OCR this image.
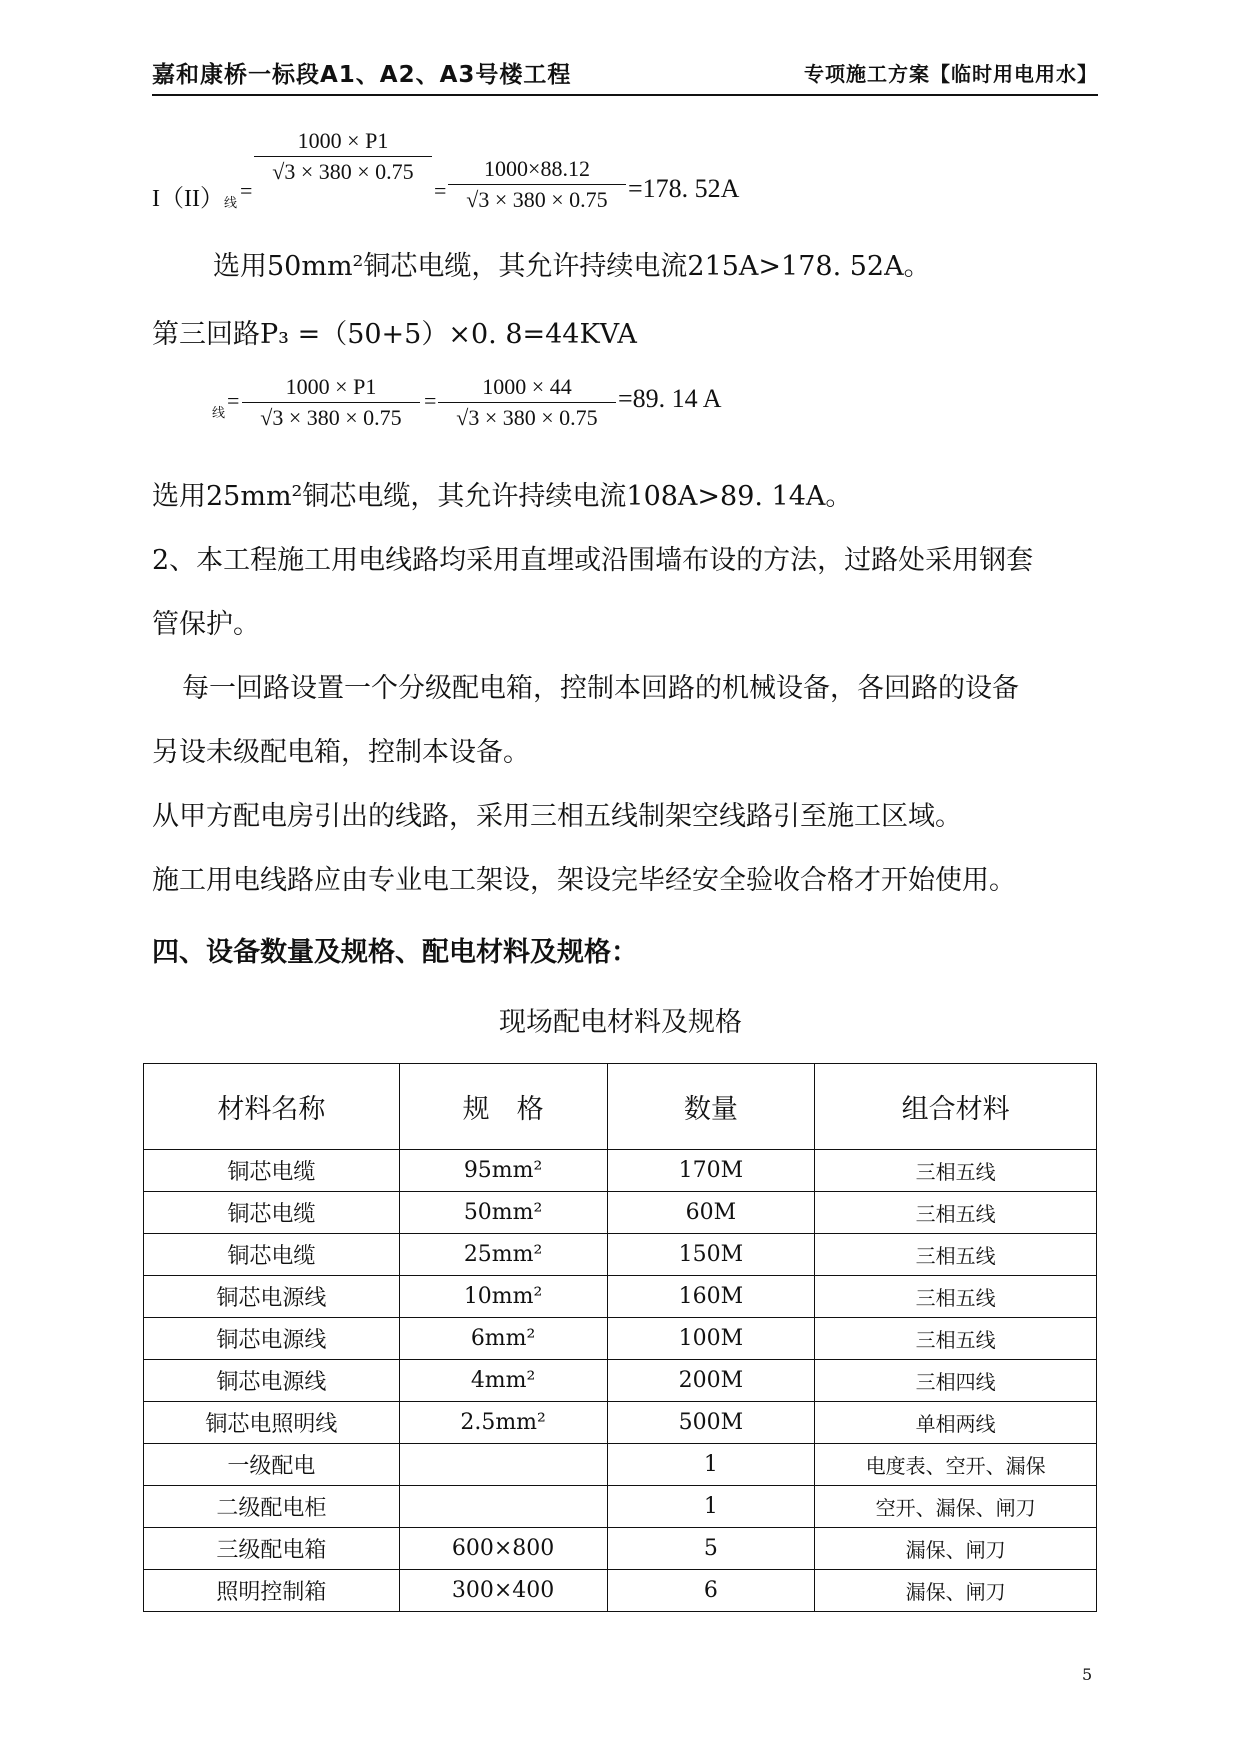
嘉和康桥一标段A1、A2、A3号楼工程	专项施工方案【临时用电用水】
I（II） 线 =
$\frac{1000 \times P1}{√3 \times 380 \times 0.75}$
= $\frac{1000\times 88.12}{√3 \times 380 \times 0.75} =178$. 52A
选用50mm²铜芯电缆，其允许持续电流215A>178. 52A。
第三回路P₃ =（50+5）×0. 8=44KVA
线 = $\frac{1000 \times P1}{√3 \times 380 \times 0.75} = \frac{1000 \times 44}{√3 \times 380 \times 0.75} =89$. 14 A
选用25mm²铜芯电缆，其允许持续电流108A>89. 14A。
2、本工程施工用电线路均采用直埋或沿围墙布设的方法，过路处采用钢套
管保护。
每一回路设置一个分级配电箱，控制本回路的机械设备，各回路的设备
另设未级配电箱，控制本设备。
从甲方配电房引出的线路，采用三相五线制架空线路引至施工区域。
施工用电线路应由专业电工架设，架设完毕经安全验收合格才开始使用。
四、设备数量及规格、配电材料及规格：
现场配电材料及规格
材料名称	规　格	数量	组合材料
铜芯电缆	95mm²	170M	三相五线
铜芯电缆	50mm²	60M	三相五线
铜芯电缆	25mm²	150M	三相五线
铜芯电源线	10mm²	160M	三相五线
铜芯电源线	6mm²	100M	三相五线
铜芯电源线	4mm²	200M	三相四线
铜芯电照明线	2.5mm²	500M	单相两线
一级配电		1	电度表、空开、漏保
二级配电柜		1	空开、漏保、闸刀
三级配电箱	600×800	5	漏保、闸刀
照明控制箱	300×400	6	漏保、闸刀
5
